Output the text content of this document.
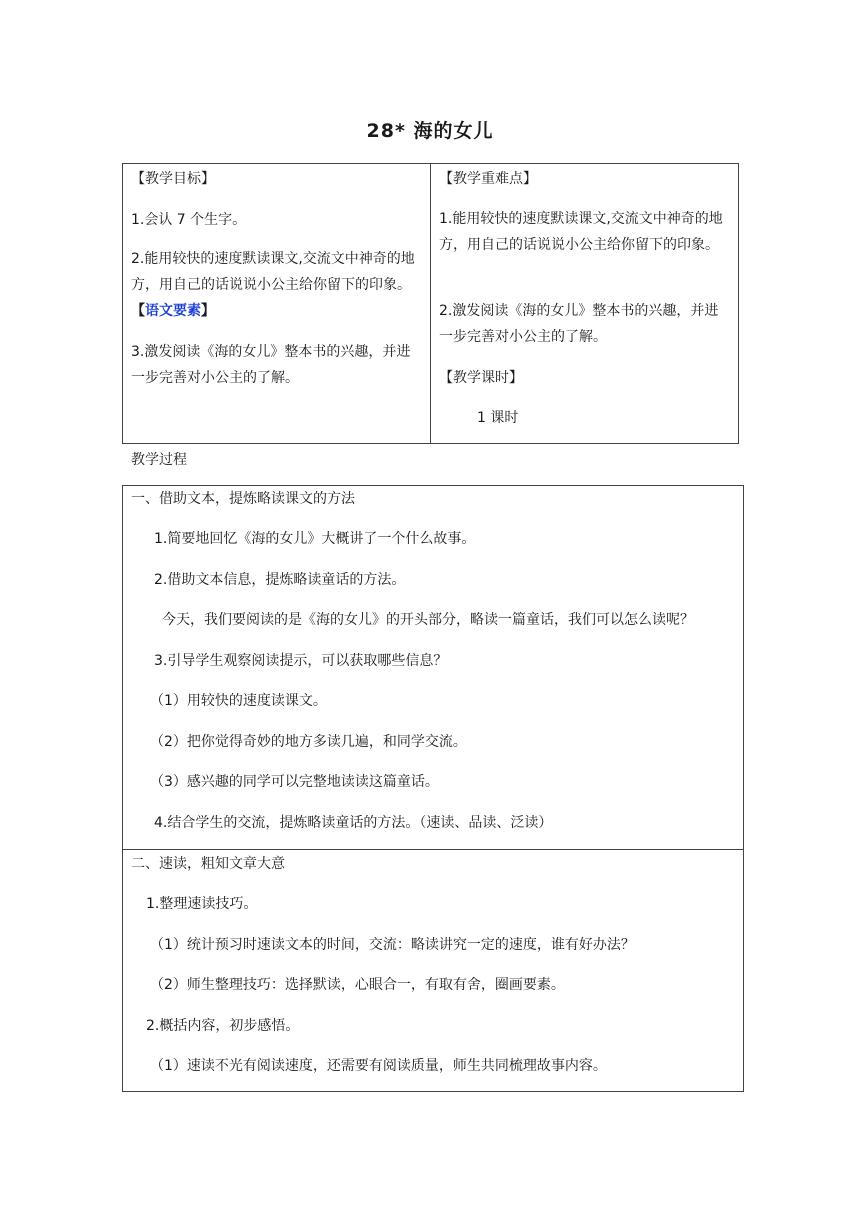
28* 海的女儿

【教学目标】

1.会认 7 个生字。

2.能用较快的速度默读课文,交流文中神奇的地方，用自己的话说说小公主给你留下的印象。【语文要素】

3.激发阅读《海的女儿》整本书的兴趣，并进一步完善对小公主的了解。

【教学重难点】

1.能用较快的速度默读课文,交流文中神奇的地方，用自己的话说说小公主给你留下的印象。

2.激发阅读《海的女儿》整本书的兴趣，并进一步完善对小公主的了解。

【教学课时】

1 课时

教学过程

一、借助文本，提炼略读课文的方法

1.简要地回忆《海的女儿》大概讲了一个什么故事。

2.借助文本信息，提炼略读童话的方法。

今天，我们要阅读的是《海的女儿》的开头部分，略读一篇童话，我们可以怎么读呢？

3.引导学生观察阅读提示，可以获取哪些信息？

（1）用较快的速度读课文。

（2）把你觉得奇妙的地方多读几遍，和同学交流。

（3）感兴趣的同学可以完整地读读这篇童话。

4.结合学生的交流，提炼略读童话的方法。（速读、品读、泛读）

二、速读，粗知文章大意

1.整理速读技巧。

（1）统计预习时速读文本的时间，交流：略读讲究一定的速度，谁有好办法？

（2）师生整理技巧：选择默读，心眼合一，有取有舍，圈画要素。

2.概括内容，初步感悟。

（1）速读不光有阅读速度，还需要有阅读质量，师生共同梳理故事内容。
